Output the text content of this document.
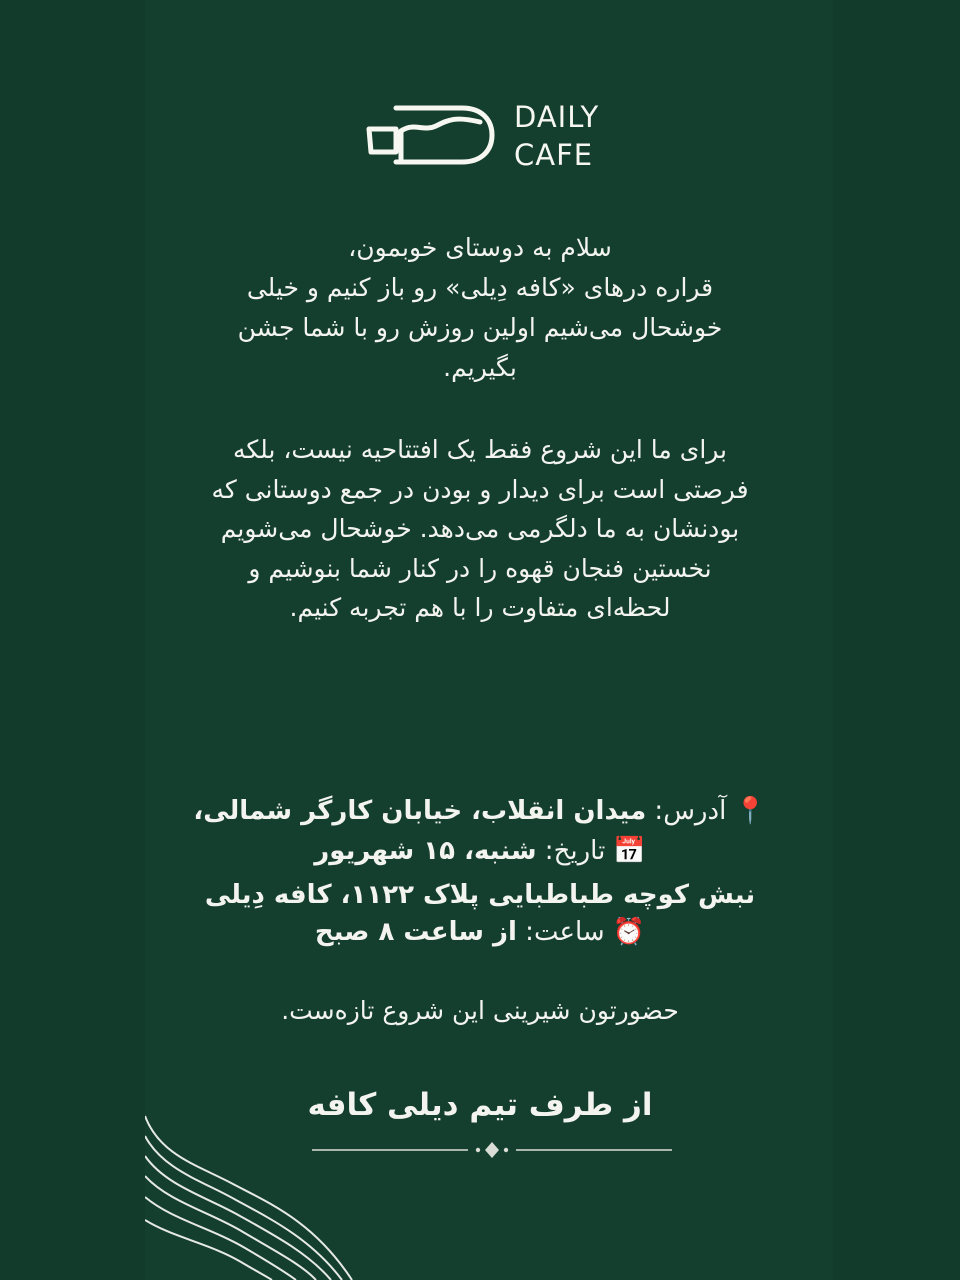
DAILY
CAFE
سلام به دوستای خوبمون،
قراره درهای «کافه دِیلی» رو باز کنیم و خیلی
خوشحال می‌شیم اولین روزش رو با شما جشن
بگیریم.
برای ما این شروع فقط یک افتتاحیه نیست، بلکه
فرصتی است برای دیدار و بودن در جمع دوستانی که
بودنشان به ما دلگرمی می‌دهد. خوشحال می‌شویم
نخستین فنجان قهوه را در کنار شما بنوشیم و
لحظه‌ای متفاوت را با هم تجربه کنیم.

📍آدرس: میدان انقلاب، خیابان کارگر شمالی،

نبش کوچه طباطبایی پلاک ۱۱۲۲، کافه دِیلی

📅تاریخ: شنبه، ۱۵ شهریور
⏰ساعت: از ساعت ۸ صبح
حضورتون شیرینی این شروع تازه‌ست.
از طرف تیم دیلی کافه
